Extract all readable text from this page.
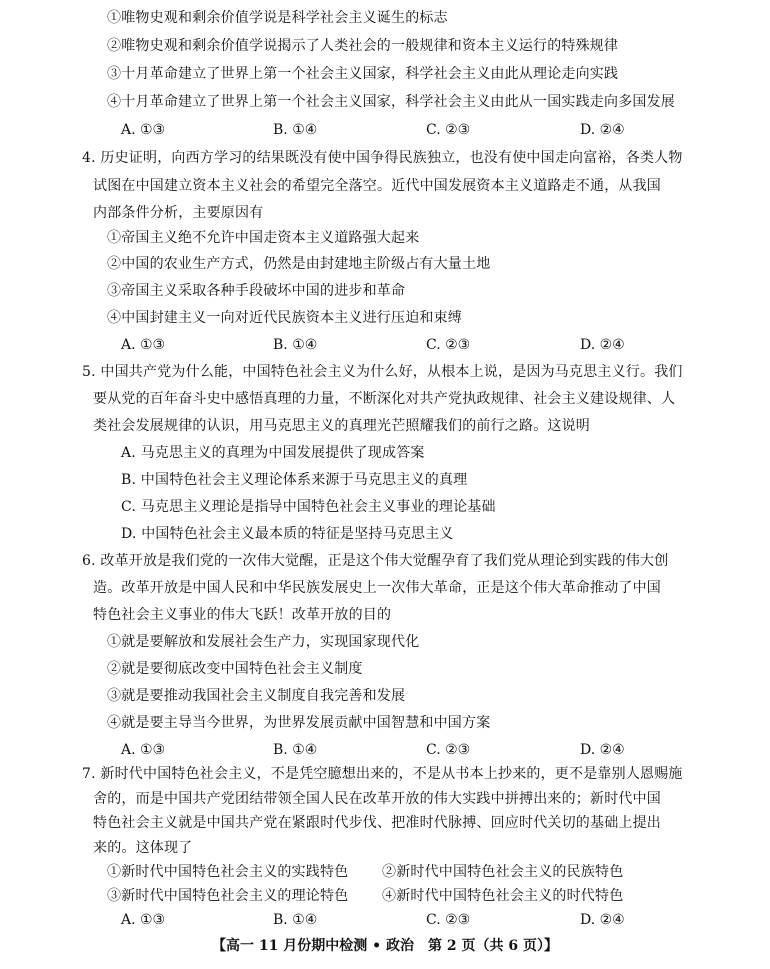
①唯物史观和剩余价值学说是科学社会主义诞生的标志
②唯物史观和剩余价值学说揭示了人类社会的一般规律和资本主义运行的特殊规律
③十月革命建立了世界上第一个社会主义国家，科学社会主义由此从理论走向实践
④十月革命建立了世界上第一个社会主义国家，科学社会主义由此从一国实践走向多国发展
A. ①③	B. ①④	C. ②③	D. ②④
4. 历史证明，向西方学习的结果既没有使中国争得民族独立，也没有使中国走向富裕，各类人物
试图在中国建立资本主义社会的希望完全落空。近代中国发展资本主义道路走不通，从我国
内部条件分析，主要原因有
①帝国主义绝不允许中国走资本主义道路强大起来
②中国的农业生产方式，仍然是由封建地主阶级占有大量土地
③帝国主义采取各种手段破坏中国的进步和革命
④中国封建主义一向对近代民族资本主义进行压迫和束缚
A. ①③	B. ①④	C. ②③	D. ②④
5. 中国共产党为什么能，中国特色社会主义为什么好，从根本上说，是因为马克思主义行。我们
要从党的百年奋斗史中感悟真理的力量，不断深化对共产党执政规律、社会主义建设规律、人
类社会发展规律的认识，用马克思主义的真理光芒照耀我们的前行之路。这说明
A. 马克思主义的真理为中国发展提供了现成答案
B. 中国特色社会主义理论体系来源于马克思主义的真理
C. 马克思主义理论是指导中国特色社会主义事业的理论基础
D. 中国特色社会主义最本质的特征是坚持马克思主义
6. 改革开放是我们党的一次伟大觉醒，正是这个伟大觉醒孕育了我们党从理论到实践的伟大创
造。改革开放是中国人民和中华民族发展史上一次伟大革命，正是这个伟大革命推动了中国
特色社会主义事业的伟大飞跃！改革开放的目的
①就是要解放和发展社会生产力，实现国家现代化
②就是要彻底改变中国特色社会主义制度
③就是要推动我国社会主义制度自我完善和发展
④就是要主导当今世界，为世界发展贡献中国智慧和中国方案
A. ①③	B. ①④	C. ②③	D. ②④
7. 新时代中国特色社会主义，不是凭空臆想出来的，不是从书本上抄来的，更不是靠别人恩赐施
舍的，而是中国共产党团结带领全国人民在改革开放的伟大实践中拼搏出来的；新时代中国
特色社会主义就是中国共产党在紧跟时代步伐、把准时代脉搏、回应时代关切的基础上提出
来的。这体现了
①新时代中国特色社会主义的实践特色 ②新时代中国特色社会主义的民族特色
③新时代中国特色社会主义的理论特色 ④新时代中国特色社会主义的时代特色
A. ①③	B. ①④	C. ②③	D. ②④
【高一 11 月份期中检测 • 政治　第 2 页（共 6 页）】
